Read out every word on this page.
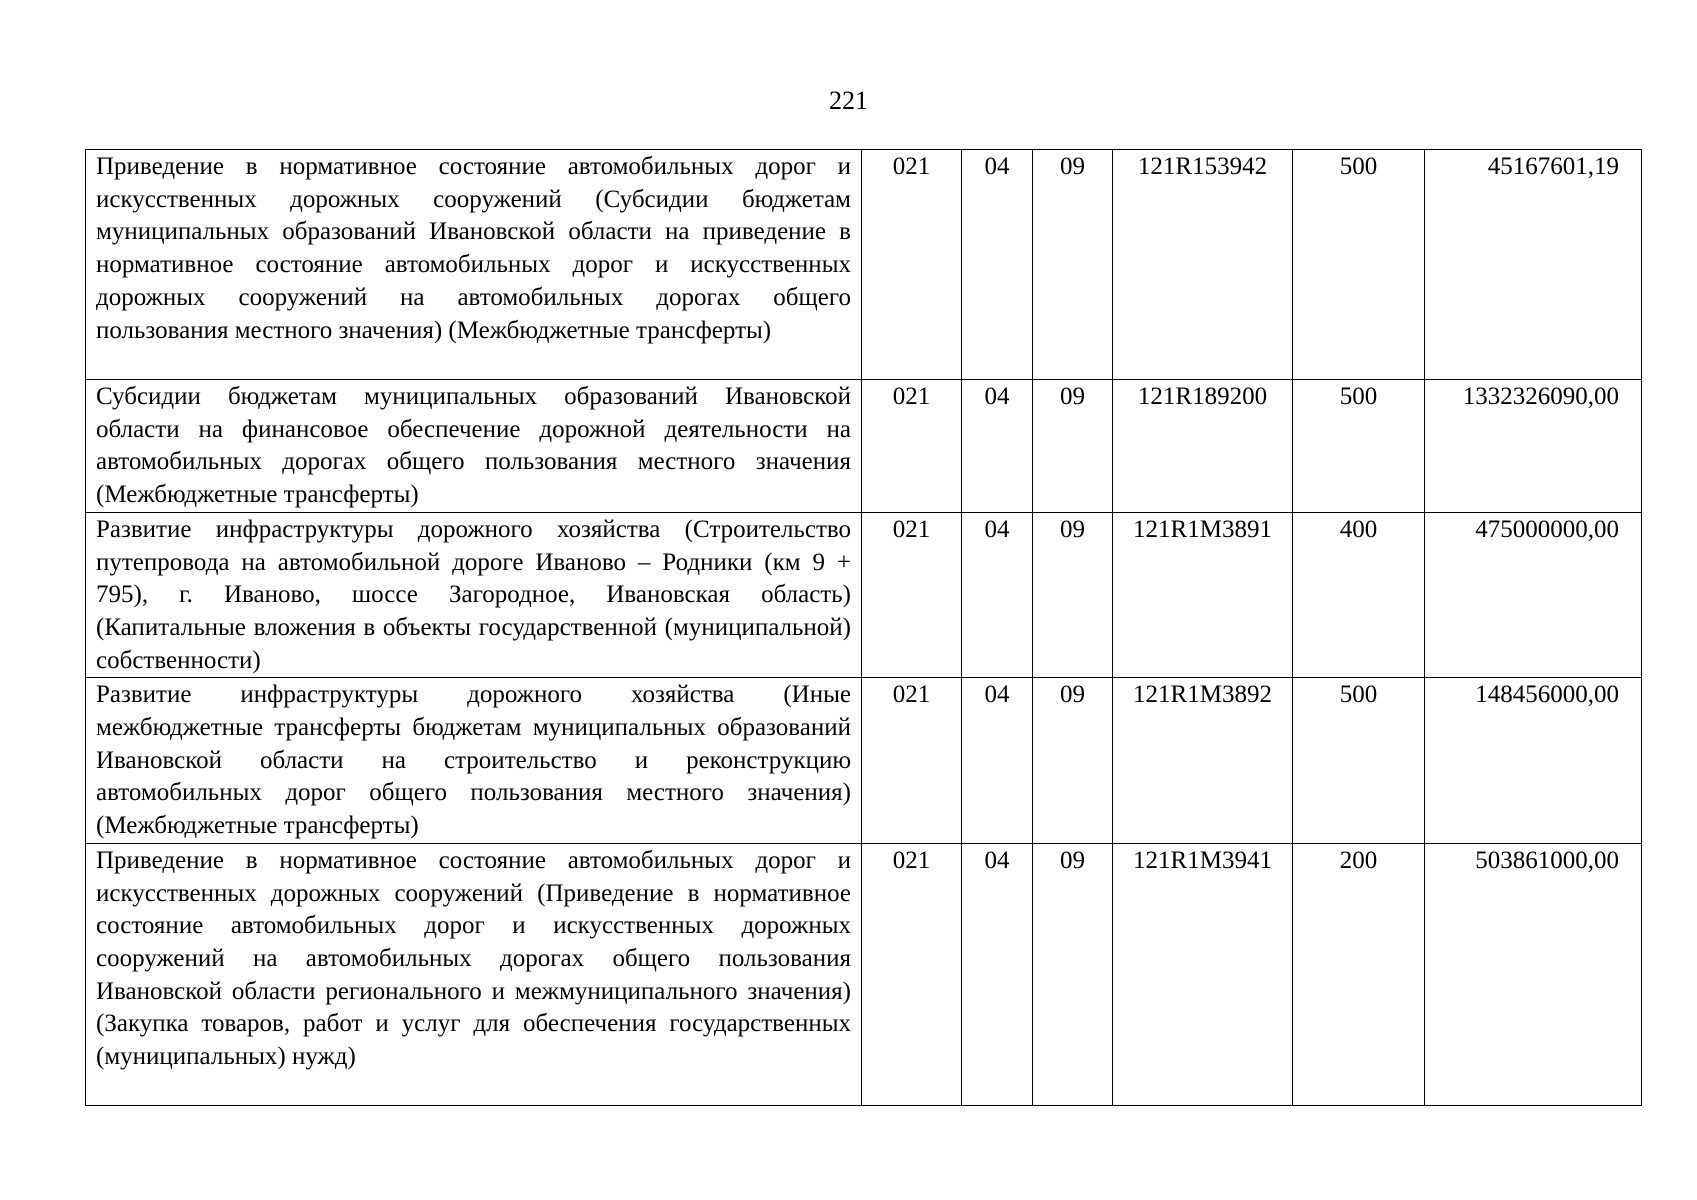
221
Приведение в нормативное состояние автомобильных дорог и искусственных дорожных сооружений (Субсидии бюджетам муниципальных образований Ивановской области на приведение в нормативное состояние автомобильных дорог и искусственных дорожных сооружений на автомобильных дорогах общего пользования местного значения) (Межбюджетные трансферты)	021	04	09	121R153942	500	45167601,19
Субсидии бюджетам муниципальных образований Ивановской области на финансовое обеспечение дорожной деятельности на автомобильных дорогах общего пользования местного значения (Межбюджетные трансферты)	021	04	09	121R189200	500	1332326090,00
Развитие инфраструктуры дорожного хозяйства (Строительство путепровода на автомобильной дороге Иваново – Родники (км 9 + 795), г. Иваново, шоссе Загородное, Ивановская область) (Капитальные вложения в объекты государственной (муниципальной) собственности)	021	04	09	121R1M3891	400	475000000,00
Развитие инфраструктуры дорожного хозяйства (Иные межбюджетные трансферты бюджетам муниципальных образований Ивановской области на строительство и реконструкцию автомобильных дорог общего пользования местного значения) (Межбюджетные трансферты)	021	04	09	121R1M3892	500	148456000,00
Приведение в нормативное состояние автомобильных дорог и искусственных дорожных сооружений (Приведение в нормативное состояние автомобильных дорог и искусственных дорожных сооружений на автомобильных дорогах общего пользования Ивановской области регионального и межмуниципального значения) (Закупка товаров, работ и услуг для обеспечения государственных (муниципальных) нужд)	021	04	09	121R1M3941	200	503861000,00
